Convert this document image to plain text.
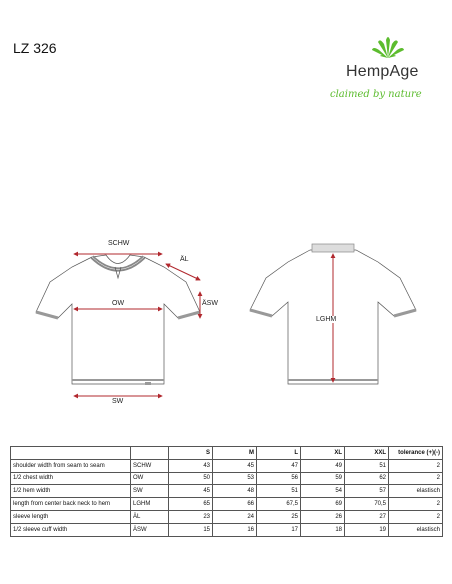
LZ 326
HempAge
claimed by nature
SCHW
ÄL
OW	ÄSW
SW
LGHM
		S	M	L	XL	XXL	tolerance (+)(-)
shoulder width from seam to seam	SCHW	43	45	47	49	51	2
1/2 chest width	OW	50	53	56	59	62	2
1/2 hem width	SW	45	48	51	54	57	elastisch
length from center back neck to hem	LGHM	65	66	67,5	69	70,5	2
sleeve length	ÄL	23	24	25	26	27	2
1/2 sleeve cuff width	ÄSW	15	16	17	18	19	elastisch
